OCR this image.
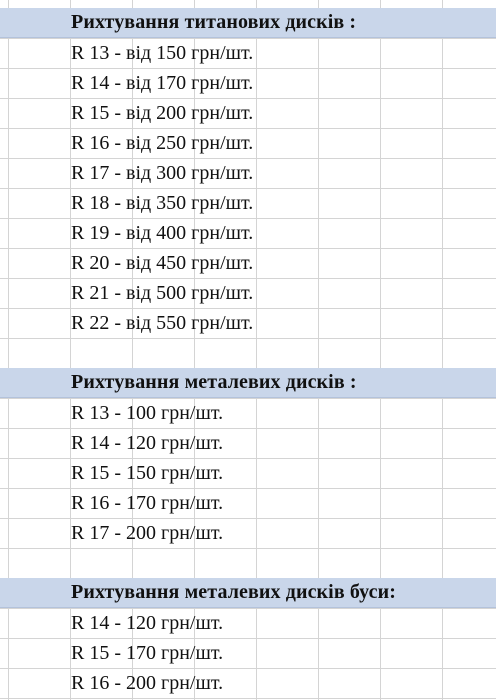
Рихтування титанових дисків :
R 13 - від 150 грн/шт.
R 14 - від 170 грн/шт.
R 15 - від 200 грн/шт.
R 16 - від 250 грн/шт.
R 17 - від 300 грн/шт.
R 18 - від 350 грн/шт.
R 19 - від 400 грн/шт.
R 20 - від 450 грн/шт.
R 21 - від 500 грн/шт.
R 22 - від 550 грн/шт.
Рихтування металевих дисків :
R 13 - 100 грн/шт.
R 14 - 120 грн/шт.
R 15 - 150 грн/шт.
R 16 - 170 грн/шт.
R 17 - 200 грн/шт.
Рихтування металевих дисків буси:
R 14 - 120 грн/шт.
R 15 - 170 грн/шт.
R 16 - 200 грн/шт.
